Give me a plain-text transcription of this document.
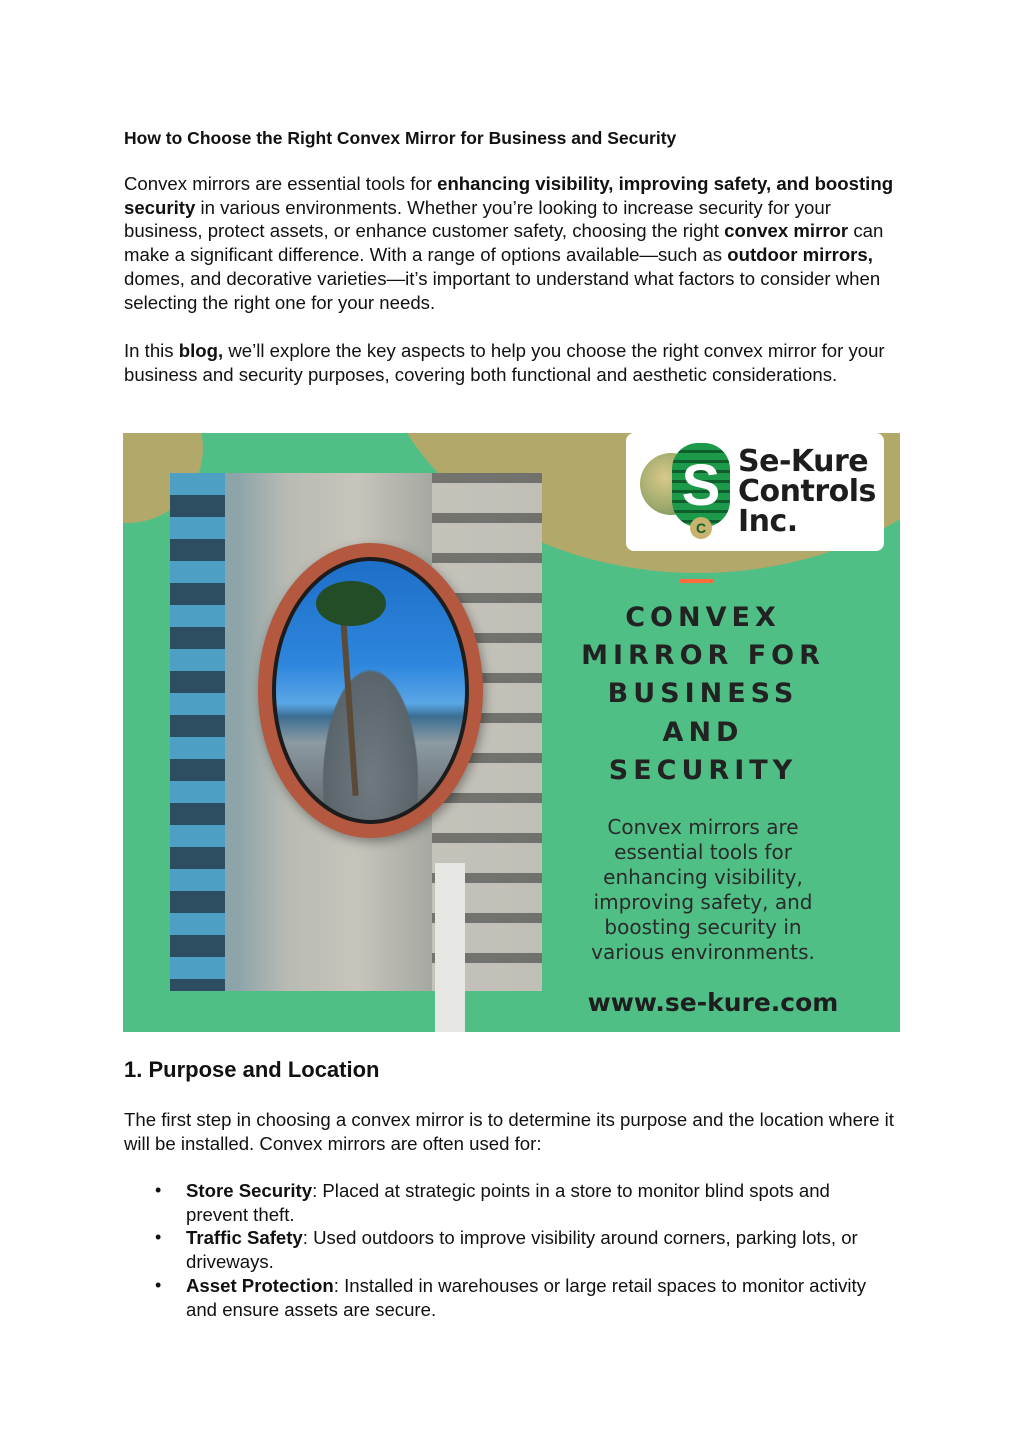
How to Choose the Right Convex Mirror for Business and Security

Convex mirrors are essential tools for enhancing visibility, improving safety, and boosting security in various environments. Whether you’re looking to increase security for your business, protect assets, or enhance customer safety, choosing the right convex mirror can make a significant difference. With a range of options available—such as outdoor mirrors, domes, and decorative varieties—it’s important to understand what factors to consider when selecting the right one for your needs.

In this blog, we’ll explore the key aspects to help you choose the right convex mirror for your business and security purposes, covering both functional and aesthetic considerations.

S
C

Se-Kure
Controls
Inc.

CONVEX

MIRROR FOR

BUSINESS

AND

SECURITY

Convex mirrors are

essential tools for

enhancing visibility,

improving safety, and

boosting security in

various environments.

www.se-kure.com

1. Purpose and Location

The first step in choosing a convex mirror is to determine its purpose and the location where it will be installed. Convex mirrors are often used for:

• Store Security: Placed at strategic points in a store to monitor blind spots and prevent theft.
• Traffic Safety: Used outdoors to improve visibility around corners, parking lots, or driveways.
• Asset Protection: Installed in warehouses or large retail spaces to monitor activity and ensure assets are secure.
